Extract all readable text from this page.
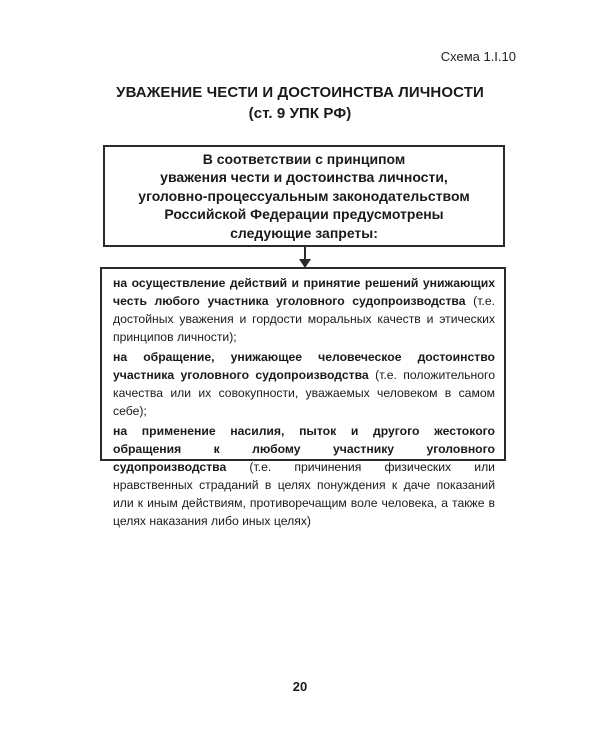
Схема 1.I.10
УВАЖЕНИЕ ЧЕСТИ И ДОСТОИНСТВА ЛИЧНОСТИ
(ст. 9 УПК РФ)
В соответствии с принципом
уважения чести и достоинства личности,
уголовно-процессуальным законодательством
Российской Федерации предусмотрены
следующие запреты:

на осуществление действий и принятие решений унижающих честь любого участника уголовного судопроизводства (т.е. достойных уважения и гордости моральных качеств и этических принципов личности);

на обращение, унижающее человеческое достоинство участника уголовного судопроизводства (т.е. положительного качества или их совокупности, уважаемых человеком в самом себе);

на применение насилия, пыток и другого жестокого обращения к любому участнику уголовного судопроизводства (т.е. причинения физических или нравственных страданий в целях понуждения к даче показаний или к иным действиям, противоречащим воле человека, а также в целях наказания либо иных целях)

20
